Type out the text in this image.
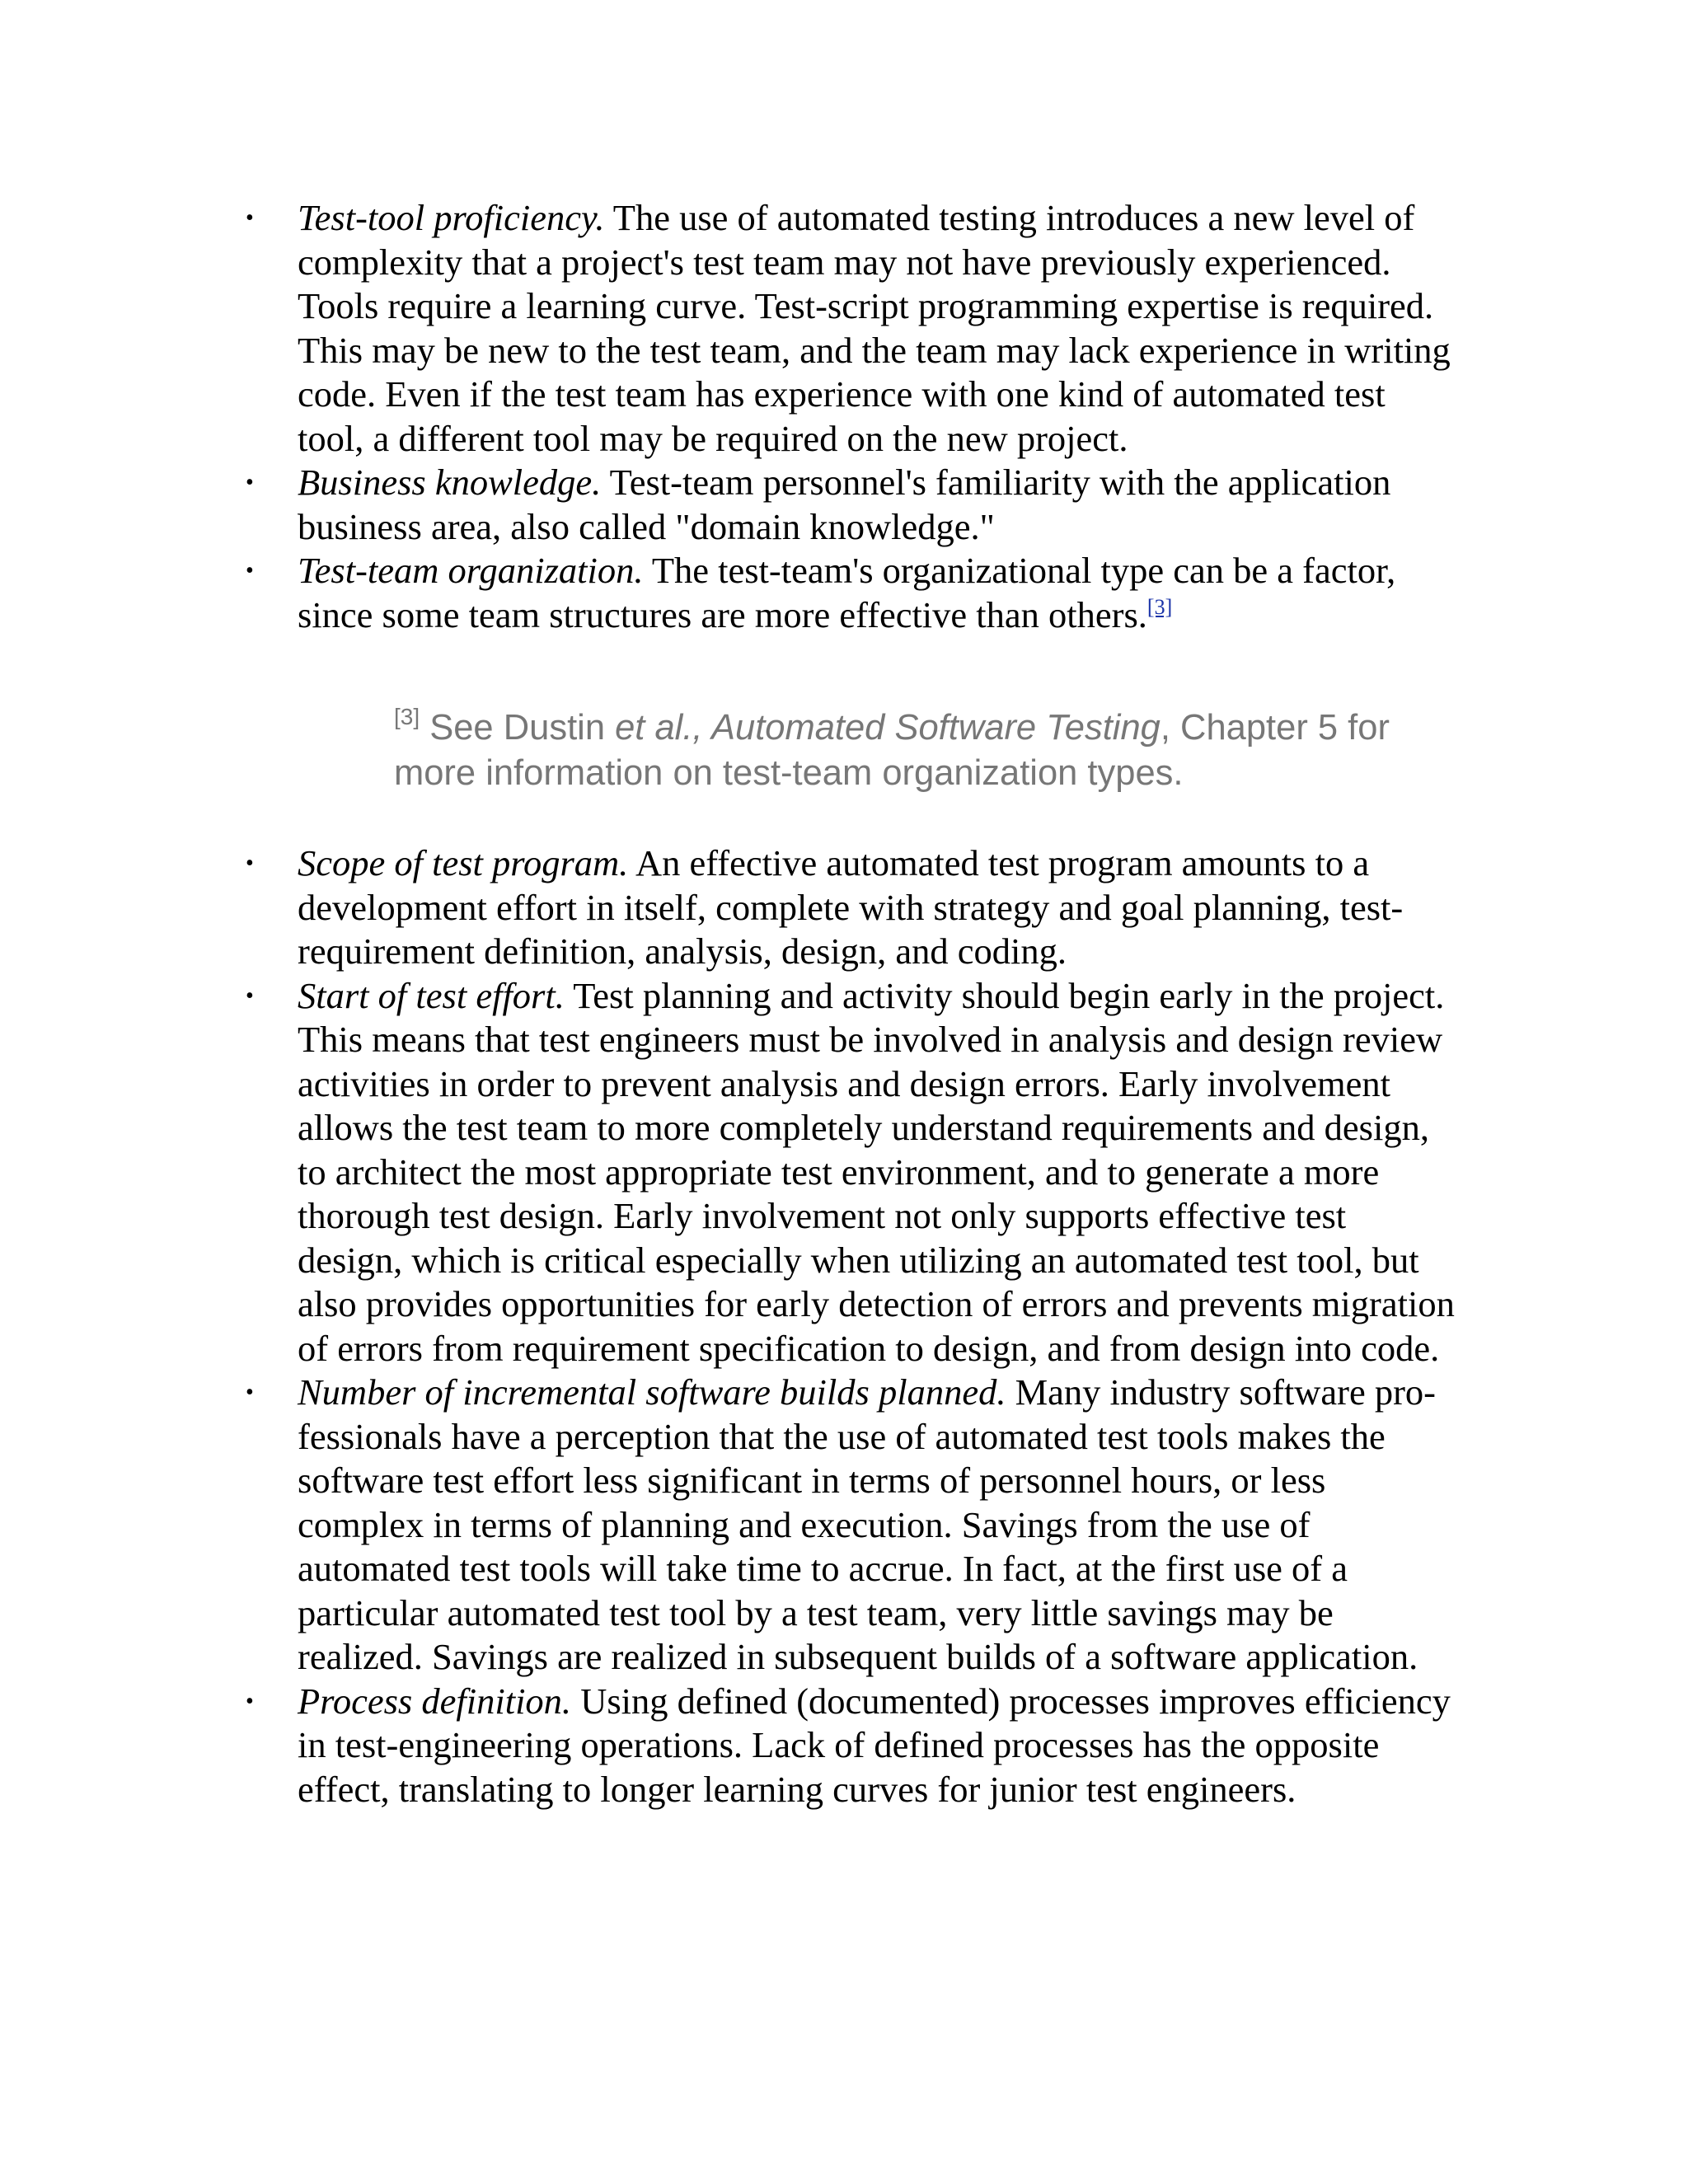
• Test-tool proficiency. The use of automated testing introduces a new level of complexity that a project's test team may not have previously experienced. Tools require a learning curve. Test-script programming expertise is required. This may be new to the test team, and the team may lack experience in writing code. Even if the test team has experience with one kind of automated test tool, a different tool may be required on the new project.
• Business knowledge. Test-team personnel's familiarity with the application business area, also called "domain knowledge."
• Test-team organization. The test-team's organizational type can be a factor, since some team structures are more effective than others.[3]

[3] See Dustin et al., Automated Software Testing, Chapter 5 for more information on test-team organization types.

• Scope of test program. An effective automated test program amounts to a development effort in itself, complete with strategy and goal planning, test-requirement definition, analysis, design, and coding.
• Start of test effort. Test planning and activity should begin early in the project. This means that test engineers must be involved in analysis and design review activities in order to prevent analysis and design errors. Early involvement allows the test team to more completely understand requirements and design, to architect the most appropriate test environment, and to generate a more thorough test design. Early involvement not only supports effective test design, which is critical especially when utilizing an automated test tool, but also provides opportunities for early detection of errors and prevents migration of errors from requirement specification to design, and from design into code.
• Number of incremental software builds planned. Many industry software pro-fessionals have a perception that the use of automated test tools makes the software test effort less significant in terms of personnel hours, or less complex in terms of planning and execution. Savings from the use of automated test tools will take time to accrue. In fact, at the first use of a particular automated test tool by a test team, very little savings may be realized. Savings are realized in subsequent builds of a software application.
• Process definition. Using defined (documented) processes improves efficiency in test-engineering operations. Lack of defined processes has the opposite effect, translating to longer learning curves for junior test engineers.
